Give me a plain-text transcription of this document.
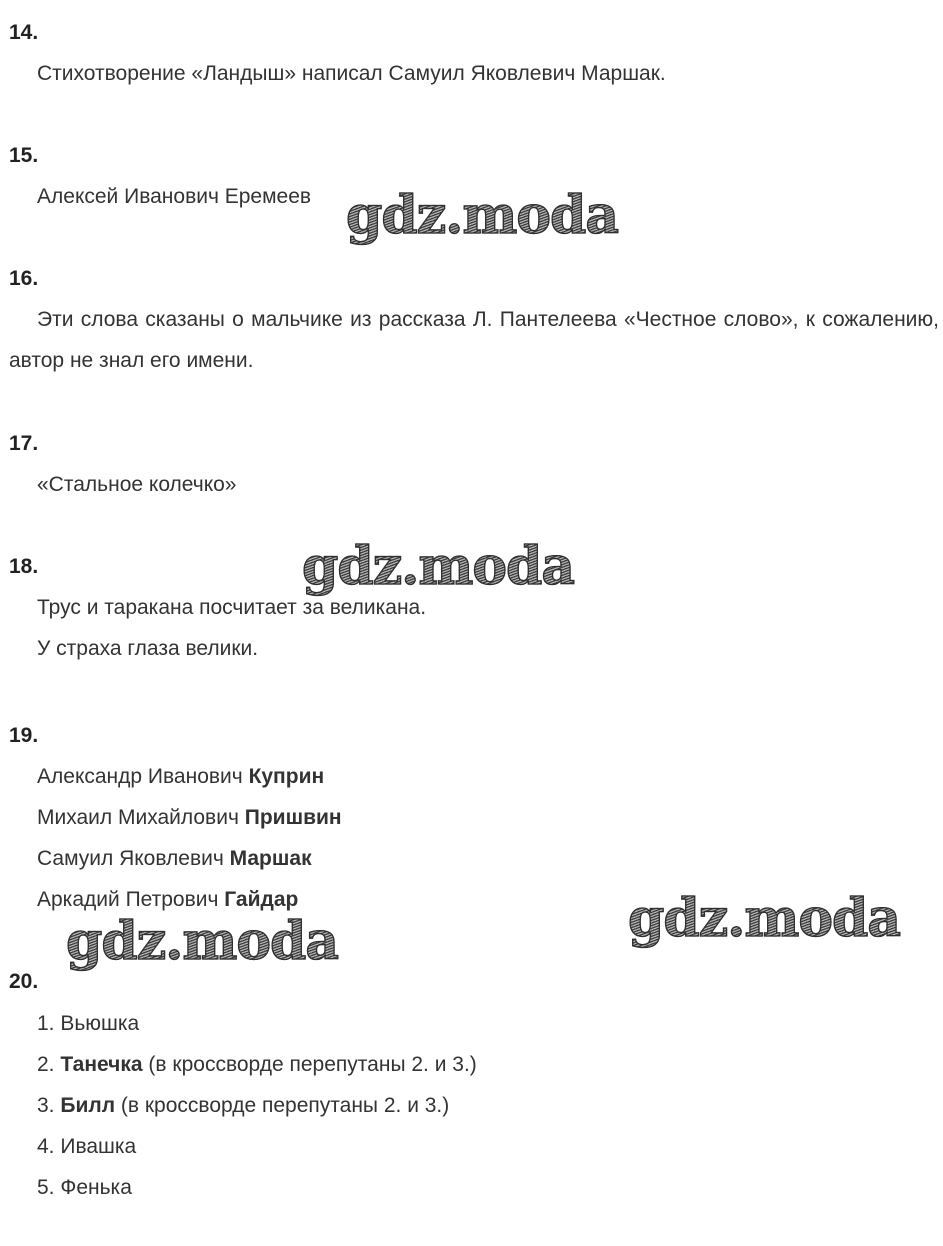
14.
Стихотворение «Ландыш» написал Самуил Яковлевич Маршак.
15.
Алексей Иванович Еремеев
16.
Эти слова сказаны о мальчике из рассказа Л. Пантелеева «Честное слово», к сожалению, автор не знал его имени.
17.
«Стальное колечко»
18.
Трус и таракана посчитает за великана.
У страха глаза велики.
19.
Александр Иванович Куприн
Михаил Михайлович Пришвин
Самуил Яковлевич Маршак
Аркадий Петрович Гайдар
20.
1. Вьюшка
2. Танечка (в кроссворде перепутаны 2. и 3.)
3. Билл (в кроссворде перепутаны 2. и 3.)
4. Ивашка
5. Фенька
gdz.moda
gdz.moda
gdz.moda
gdz.moda
